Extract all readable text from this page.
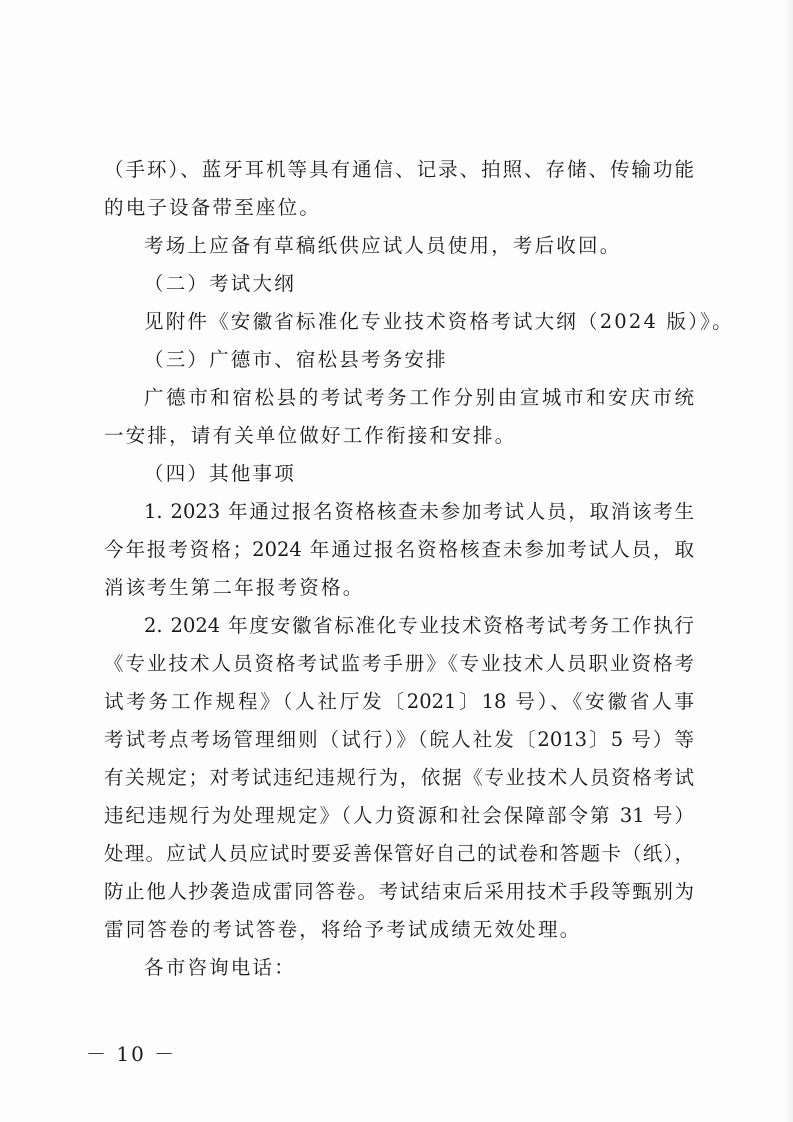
（手环）、蓝牙耳机等具有通信、记录、拍照、存储、传输功能
的电子设备带至座位。
考场上应备有草稿纸供应试人员使用，考后收回。
（二）考试大纲
见附件《安徽省标准化专业技术资格考试大纲（2024 版）》。
（三）广德市、宿松县考务安排
广德市和宿松县的考试考务工作分别由宣城市和安庆市统
一安排，请有关单位做好工作衔接和安排。
（四）其他事项
1. 2023 年通过报名资格核查未参加考试人员，取消该考生
今年报考资格；2024 年通过报名资格核查未参加考试人员，取
消该考生第二年报考资格。
2. 2024 年度安徽省标准化专业技术资格考试考务工作执行
《专业技术人员资格考试监考手册》《专业技术人员职业资格考
试考务工作规程》（人社厅发〔2021〕18 号）、《安徽省人事
考试考点考场管理细则（试行）》（皖人社发〔2013〕5 号）等
有关规定；对考试违纪违规行为，依据《专业技术人员资格考试
违纪违规行为处理规定》（人力资源和社会保障部令第 31 号）
处理。应试人员应试时要妥善保管好自己的试卷和答题卡（纸），
防止他人抄袭造成雷同答卷。考试结束后采用技术手段等甄别为
雷同答卷的考试答卷，将给予考试成绩无效处理。
各市咨询电话：
－ 10 －
